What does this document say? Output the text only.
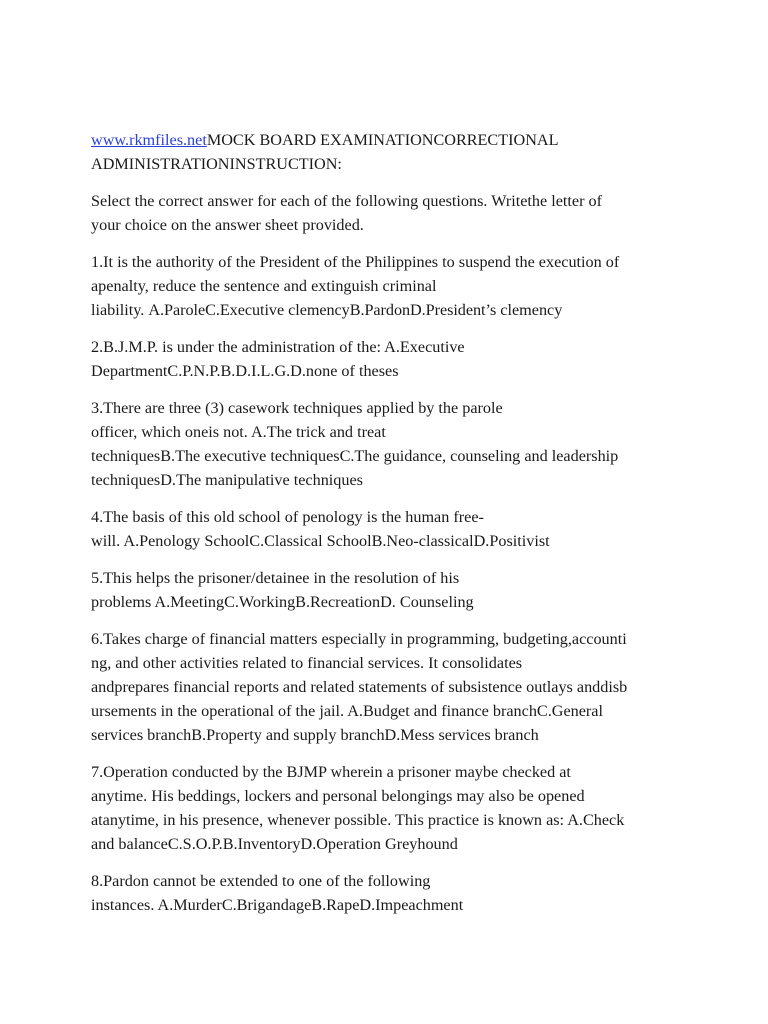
www.rkmfiles.netMOCK BOARD EXAMINATIONCORRECTIONAL
ADMINISTRATIONINSTRUCTION:

Select the correct answer for each of the following questions. Writethe letter of
your choice on the answer sheet provided.

1.It is the authority of the President of the Philippines to suspend the execution of
apenalty, reduce the sentence and extinguish criminal
liability. A.ParoleC.Executive clemencyB.PardonD.President’s clemency

2.B.J.M.P. is under the administration of the: A.Executive
DepartmentC.P.N.P.B.D.I.L.G.D.none of theses

3.There are three (3) casework techniques applied by the parole
officer, which oneis not. A.The trick and treat
techniquesB.The executive techniquesC.The guidance, counseling and leadership
techniquesD.The manipulative techniques

4.The basis of this old school of penology is the human free-
will. A.Penology SchoolC.Classical SchoolB.Neo-classicalD.Positivist

5.This helps the prisoner/detainee in the resolution of his
problems A.MeetingC.WorkingB.RecreationD. Counseling

6.Takes charge of financial matters especially in programming, budgeting,accounti
ng, and other activities related to financial services. It consolidates
andprepares financial reports and related statements of subsistence outlays anddisb
ursements in the operational of the jail. A.Budget and finance branchC.General
services branchB.Property and supply branchD.Mess services branch

7.Operation conducted by the BJMP wherein a prisoner maybe checked at
anytime. His beddings, lockers and personal belongings may also be opened
atanytime, in his presence, whenever possible. This practice is known as: A.Check
and balanceC.S.O.P.B.InventoryD.Operation Greyhound

8.Pardon cannot be extended to one of the following
instances. A.MurderC.BrigandageB.RapeD.Impeachment
